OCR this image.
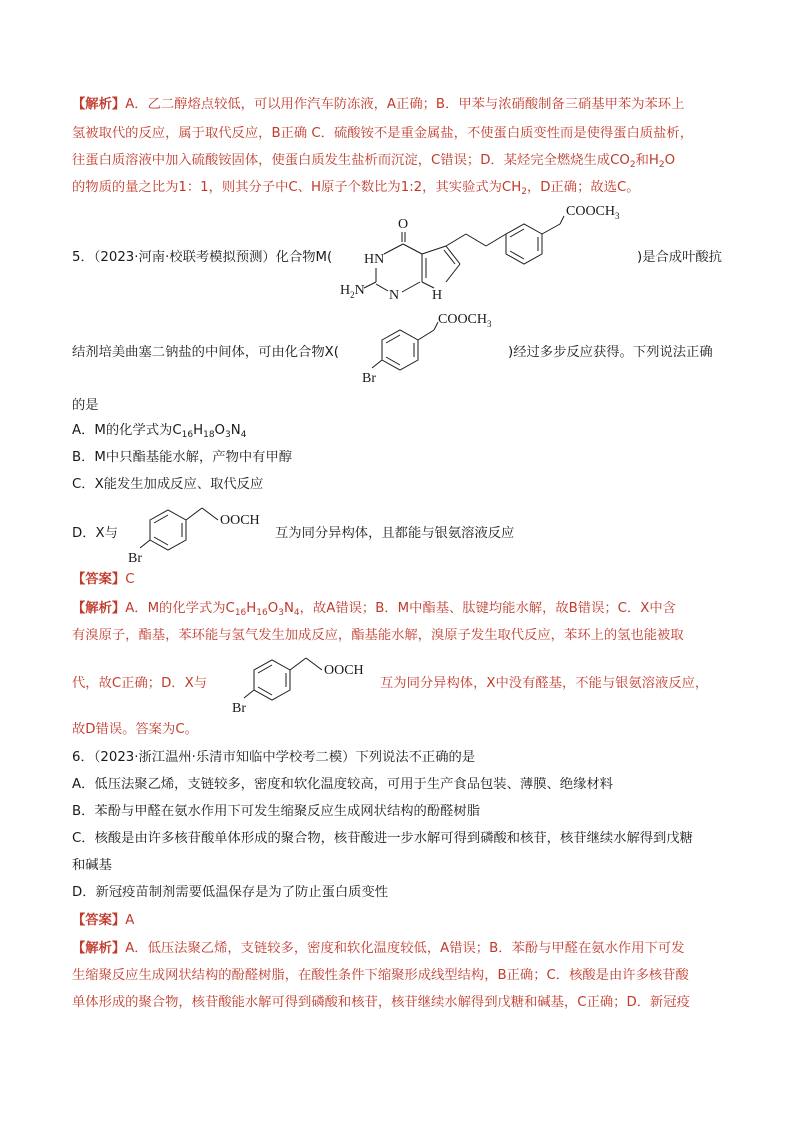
【解析】A．乙二醇熔点较低，可以用作汽车防冻液，A正确；B．甲苯与浓硝酸制备三硝基甲苯为苯环上
氢被取代的反应，属于取代反应，B正确 C．硫酸铵不是重金属盐，不使蛋白质变性而是使得蛋白质盐析，
往蛋白质溶液中加入硫酸铵固体，使蛋白质发生盐析而沉淀，C错误；D．某烃完全燃烧生成$CO_2$和$H_2O$
的物质的量之比为1：1，则其分子中C、H原子个数比为1:2，其实验式为$CH_2$，D正确；故选C。
5．（2023·河南·校联考模拟预测）化合物M(	)是合成叶酸抗
O
HN
N H
$COOCH_3$
$H_2N$
结剂培美曲塞二钠盐的中间体，可由化合物X(	)经过多步反应获得。下列说法正确
$COOCH_3$
Br
的是
A．M的化学式为$C_{16}H_{18}O_3N_4$
B．M中只酯基能水解，产物中有甲醇
C．X能发生加成反应、取代反应
D．X与
OOCH
Br
互为同分异构体，且都能与银氨溶液反应
【答案】C
【解析】A．M的化学式为$C_{16}H_{16}O_3N_4$，故A错误；B．M中酯基、肽键均能水解，故B错误；C．X中含
有溴原子，酯基，苯环能与氢气发生加成反应，酯基能水解，溴原子发生取代反应，苯环上的氢也能被取
代，故C正确；D．X与
OOCH
Br
互为同分异构体，X中没有醛基，不能与银氨溶液反应，
故D错误。答案为C。
6．（2023·浙江温州·乐清市知临中学校考二模）下列说法不正确的是
A．低压法聚乙烯，支链较多，密度和软化温度较高，可用于生产食品包装、薄膜、绝缘材料
B．苯酚与甲醛在氨水作用下可发生缩聚反应生成网状结构的酚醛树脂
C．核酸是由许多核苷酸单体形成的聚合物，核苷酸进一步水解可得到磷酸和核苷，核苷继续水解得到戊糖
和碱基
D．新冠疫苗制剂需要低温保存是为了防止蛋白质变性
【答案】A
【解析】A．低压法聚乙烯，支链较多，密度和软化温度较低，A错误；B．苯酚与甲醛在氨水作用下可发
生缩聚反应生成网状结构的酚醛树脂，在酸性条件下缩聚形成线型结构，B正确；C．核酸是由许多核苷酸
单体形成的聚合物，核苷酸能水解可得到磷酸和核苷，核苷继续水解得到戊糖和碱基，C正确；D．新冠疫
